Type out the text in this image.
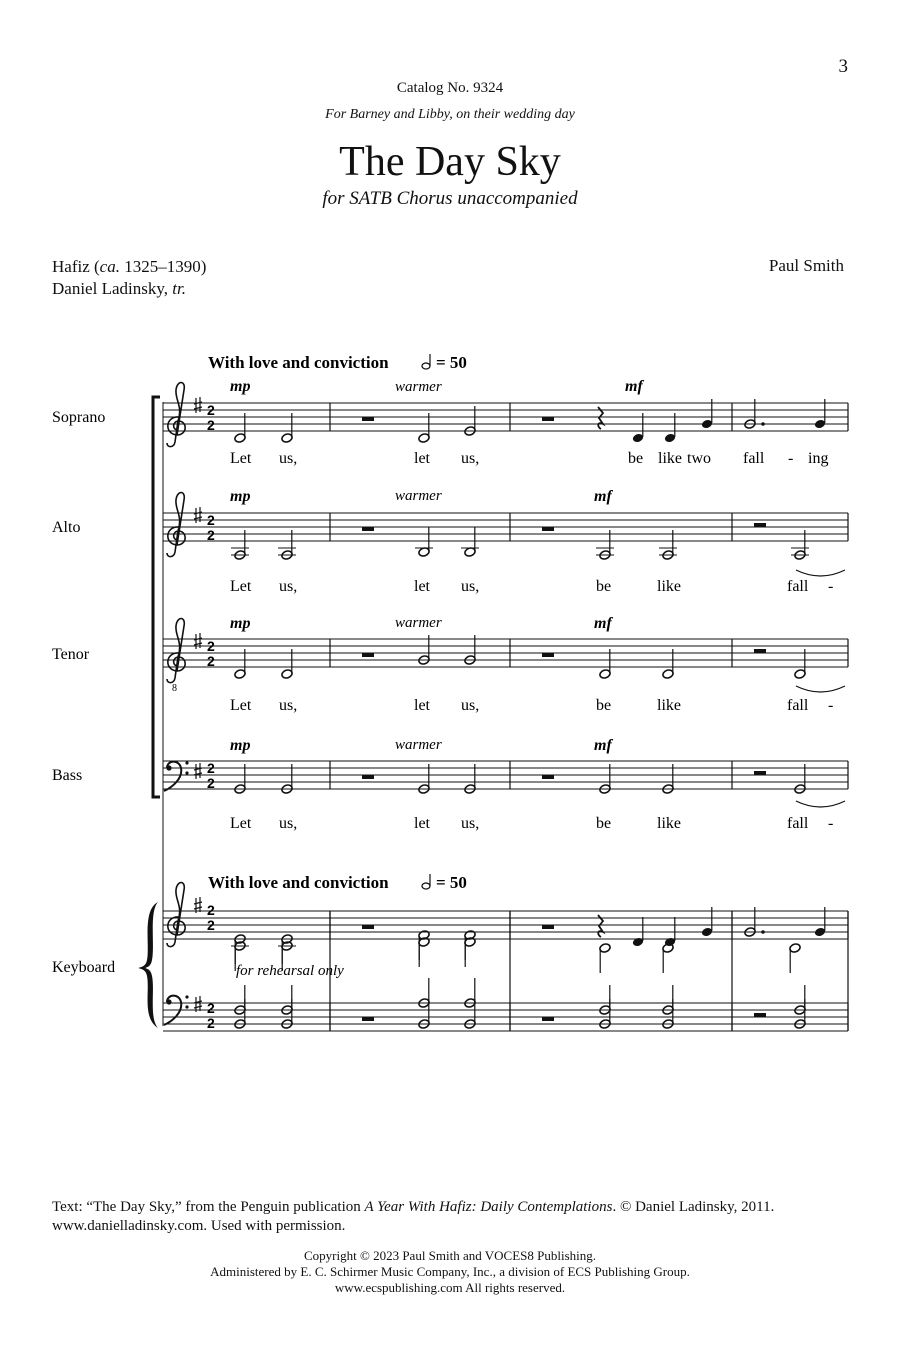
3
Catalog No. 9324
For Barney and Libby, on their wedding day
The Day Sky
for SATB Chorus unaccompanied
Hafiz (ca. 1325–1390)
Daniel Ladinsky, tr.
Paul Smith
With love and conviction	= 50
Soprano
Alto
Tenor
Bass
Keyboard
8
2
2
2
2
2
2
2
2
2
2
2
2
mp
mp
mp
mp
mf
mf
mf
mf
warmer
warmer
warmer
warmer
Let us,	let us,	be like two fall - ing
Let us,	let us,	be	like	fall -
Let us,	let us,	be	like	fall -
Let us,	let us,	be	like	fall -
With love and conviction	= 50
for rehearsal only
Text: “The Day Sky,” from the Penguin publication A Year With Hafiz: Daily Contemplations. © Daniel Ladinsky, 2011.
www.danielladinsky.com. Used with permission.
Copyright © 2023 Paul Smith and VOCES8 Publishing.
Administered by E. C. Schirmer Music Company, Inc., a division of ECS Publishing Group.
www.ecspublishing.com All rights reserved.
